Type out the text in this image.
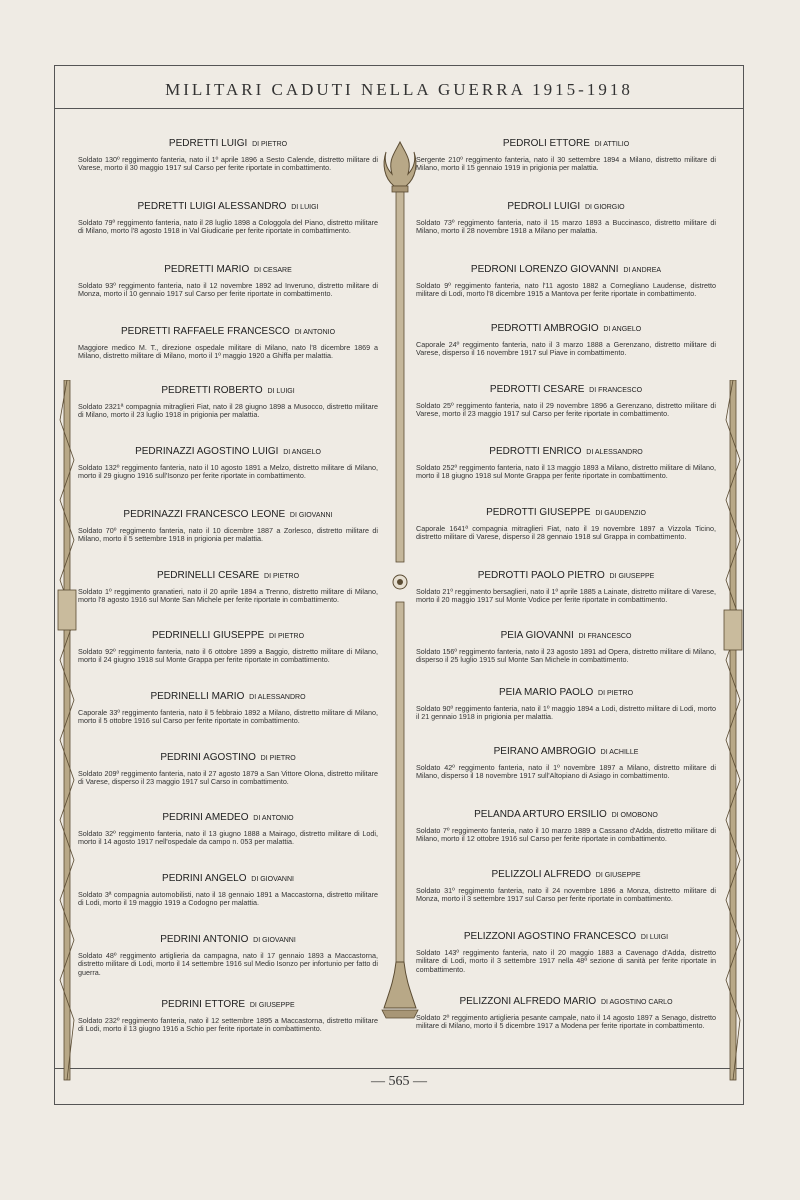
MILITARI CADUTI NELLA GUERRA 1915-1918
— 565 —
PEDRETTI LUIGI DI PIETRO
Soldato 130º reggimento fanteria, nato il 1º aprile 1896 a Sesto Calende, distretto militare di Varese, morto il 30 maggio 1917 sul Carso per ferite riportate in combattimento.
PEDRETTI LUIGI ALESSANDRO DI LUIGI
Soldato 79º reggimento fanteria, nato il 28 luglio 1898 a Cologgola del Piano, distretto militare di Milano, morto l'8 agosto 1918 in Val Giudicarie per ferite riportate in combattimento.
PEDRETTI MARIO DI CESARE
Soldato 93º reggimento fanteria, nato il 12 novembre 1892 ad Inveruno, distretto militare di Monza, morto il 10 gennaio 1917 sul Carso per ferite riportate in combattimento.
PEDRETTI RAFFAELE FRANCESCO DI ANTONIO
Maggiore medico M. T., direzione ospedale militare di Milano, nato l'8 dicembre 1869 a Milano, distretto militare di Milano, morto il 1º maggio 1920 a Ghiffa per malattia.
PEDRETTI ROBERTO DI LUIGI
Soldato 2321ª compagnia mitraglieri Fiat, nato il 28 giugno 1898 a Musocco, distretto militare di Milano, morto il 23 luglio 1918 in prigionia per malattia.
PEDRINAZZI AGOSTINO LUIGI DI ANGELO
Soldato 132º reggimento fanteria, nato il 10 agosto 1891 a Melzo, distretto militare di Milano, morto il 29 giugno 1916 sull'Isonzo per ferite riportate in combattimento.
PEDRINAZZI FRANCESCO LEONE DI GIOVANNI
Soldato 70º reggimento fanteria, nato il 10 dicembre 1887 a Zorlesco, distretto militare di Milano, morto il 5 settembre 1918 in prigionia per malattia.
PEDRINELLI CESARE DI PIETRO
Soldato 1º reggimento granatieri, nato il 20 aprile 1894 a Trenno, distretto militare di Milano, morto l'8 agosto 1916 sul Monte San Michele per ferite riportate in combattimento.
PEDRINELLI GIUSEPPE DI PIETRO
Soldato 92º reggimento fanteria, nato il 6 ottobre 1899 a Baggio, distretto militare di Milano, morto il 24 giugno 1918 sul Monte Grappa per ferite riportate in combattimento.
PEDRINELLI MARIO DI ALESSANDRO
Caporale 33º reggimento fanteria, nato il 5 febbraio 1892 a Milano, distretto militare di Milano, morto il 5 ottobre 1916 sul Carso per ferite riportate in combattimento.
PEDRINI AGOSTINO DI PIETRO
Soldato 209º reggimento fanteria, nato il 27 agosto 1879 a San Vittore Olona, distretto militare di Varese, disperso il 23 maggio 1917 sul Carso in combattimento.
PEDRINI AMEDEO DI ANTONIO
Soldato 32º reggimento fanteria, nato il 13 giugno 1888 a Mairago, distretto militare di Lodi, morto il 14 agosto 1917 nell'ospedale da campo n. 053 per malattia.
PEDRINI ANGELO DI GIOVANNI
Soldato 3ª compagnia automobilisti, nato il 18 gennaio 1891 a Maccastorna, distretto militare di Lodi, morto il 19 maggio 1919 a Codogno per malattia.
PEDRINI ANTONIO DI GIOVANNI
Soldato 48º reggimento artiglieria da campagna, nato il 17 gennaio 1893 a Maccastorna, distretto militare di Lodi, morto il 14 settembre 1916 sul Medio Isonzo per infortunio per fatto di guerra.
PEDRINI ETTORE DI GIUSEPPE
Soldato 232º reggimento fanteria, nato il 12 settembre 1895 a Maccastorna, distretto militare di Lodi, morto il 13 giugno 1916 a Schio per ferite riportate in combattimento.
PEDROLI ETTORE DI ATTILIO
Sergente 210º reggimento fanteria, nato il 30 settembre 1894 a Milano, distretto militare di Milano, morto il 15 gennaio 1919 in prigionia per malattia.
PEDROLI LUIGI DI GIORGIO
Soldato 73º reggimento fanteria, nato il 15 marzo 1893 a Buccinasco, distretto militare di Milano, morto il 28 novembre 1918 a Milano per malattia.
PEDRONI LORENZO GIOVANNI DI ANDREA
Soldato 9º reggimento fanteria, nato l'11 agosto 1882 a Cornegliano Laudense, distretto militare di Lodi, morto l'8 dicembre 1915 a Mantova per ferite riportate in combattimento.
PEDROTTI AMBROGIO DI ANGELO
Caporale 24º reggimento fanteria, nato il 3 marzo 1888 a Gerenzano, distretto militare di Varese, disperso il 16 novembre 1917 sul Piave in combattimento.
PEDROTTI CESARE DI FRANCESCO
Soldato 25º reggimento fanteria, nato il 29 novembre 1896 a Gerenzano, distretto militare di Varese, morto il 23 maggio 1917 sul Carso per ferite riportate in combattimento.
PEDROTTI ENRICO DI ALESSANDRO
Soldato 252º reggimento fanteria, nato il 13 maggio 1893 a Milano, distretto militare di Milano, morto il 18 giugno 1918 sul Monte Grappa per ferite riportate in combattimento.
PEDROTTI GIUSEPPE DI GAUDENZIO
Caporale 1641ª compagnia mitraglieri Fiat, nato il 19 novembre 1897 a Vizzola Ticino, distretto militare di Varese, disperso il 28 gennaio 1918 sul Grappa in combattimento.
PEDROTTI PAOLO PIETRO DI GIUSEPPE
Soldato 21º reggimento bersaglieri, nato il 1º aprile 1885 a Lainate, distretto militare di Varese, morto il 20 maggio 1917 sul Monte Vodice per ferite riportate in combattimento.
PEIA GIOVANNI DI FRANCESCO
Soldato 156º reggimento fanteria, nato il 23 agosto 1891 ad Opera, distretto militare di Milano, disperso il 25 luglio 1915 sul Monte San Michele in combattimento.
PEIA MARIO PAOLO DI PIETRO
Soldato 90º reggimento fanteria, nato il 1º maggio 1894 a Lodi, distretto militare di Lodi, morto il 21 gennaio 1918 in prigionia per malattia.
PEIRANO AMBROGIO DI ACHILLE
Soldato 42º reggimento fanteria, nato il 1º novembre 1897 a Milano, distretto militare di Milano, disperso il 18 novembre 1917 sull'Altopiano di Asiago in combattimento.
PELANDA ARTURO ERSILIO DI OMOBONO
Soldato 7º reggimento fanteria, nato il 10 marzo 1889 a Cassano d'Adda, distretto militare di Milano, morto il 12 ottobre 1916 sul Carso per ferite riportate in combattimento.
PELIZZOLI ALFREDO DI GIUSEPPE
Soldato 31º reggimento fanteria, nato il 24 novembre 1896 a Monza, distretto militare di Monza, morto il 3 settembre 1917 sul Carso per ferite riportate in combattimento.
PELIZZONI AGOSTINO FRANCESCO DI LUIGI
Soldato 143º reggimento fanteria, nato il 20 maggio 1883 a Cavenago d'Adda, distretto militare di Lodi, morto il 3 settembre 1917 nella 48ª sezione di sanità per ferite riportate in combattimento.
PELIZZONI ALFREDO MARIO DI AGOSTINO CARLO
Soldato 2º reggimento artiglieria pesante campale, nato il 14 agosto 1897 a Senago, distretto militare di Milano, morto il 5 dicembre 1917 a Modena per ferite riportate in combattimento.
